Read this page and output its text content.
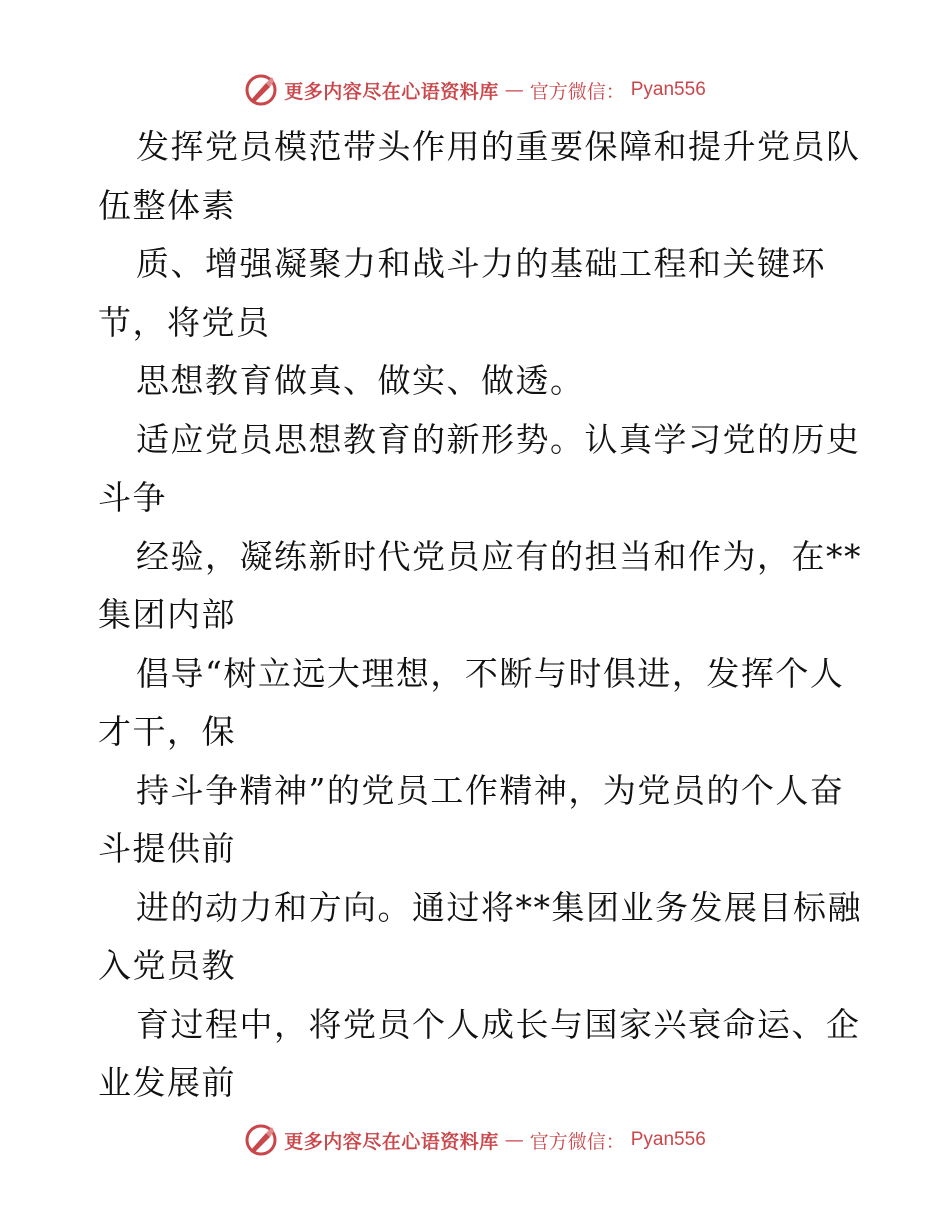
更多内容尽在心语资料库 — 官方微信： Pyan556
发挥党员模范带头作用的重要保障和提升党员队
伍整体素
质、增强凝聚力和战斗力的基础工程和关键环
节，将党员
思想教育做真、做实、做透。
适应党员思想教育的新形势。认真学习党的历史
斗争
经验，凝练新时代党员应有的担当和作为，在**
集团内部
倡导“树立远大理想，不断与时俱进，发挥个人
才干，保
持斗争精神”的党员工作精神，为党员的个人奋
斗提供前
进的动力和方向。通过将**集团业务发展目标融
入党员教
育过程中，将党员个人成长与国家兴衰命运、企
业发展前
更多内容尽在心语资料库 — 官方微信： Pyan556
